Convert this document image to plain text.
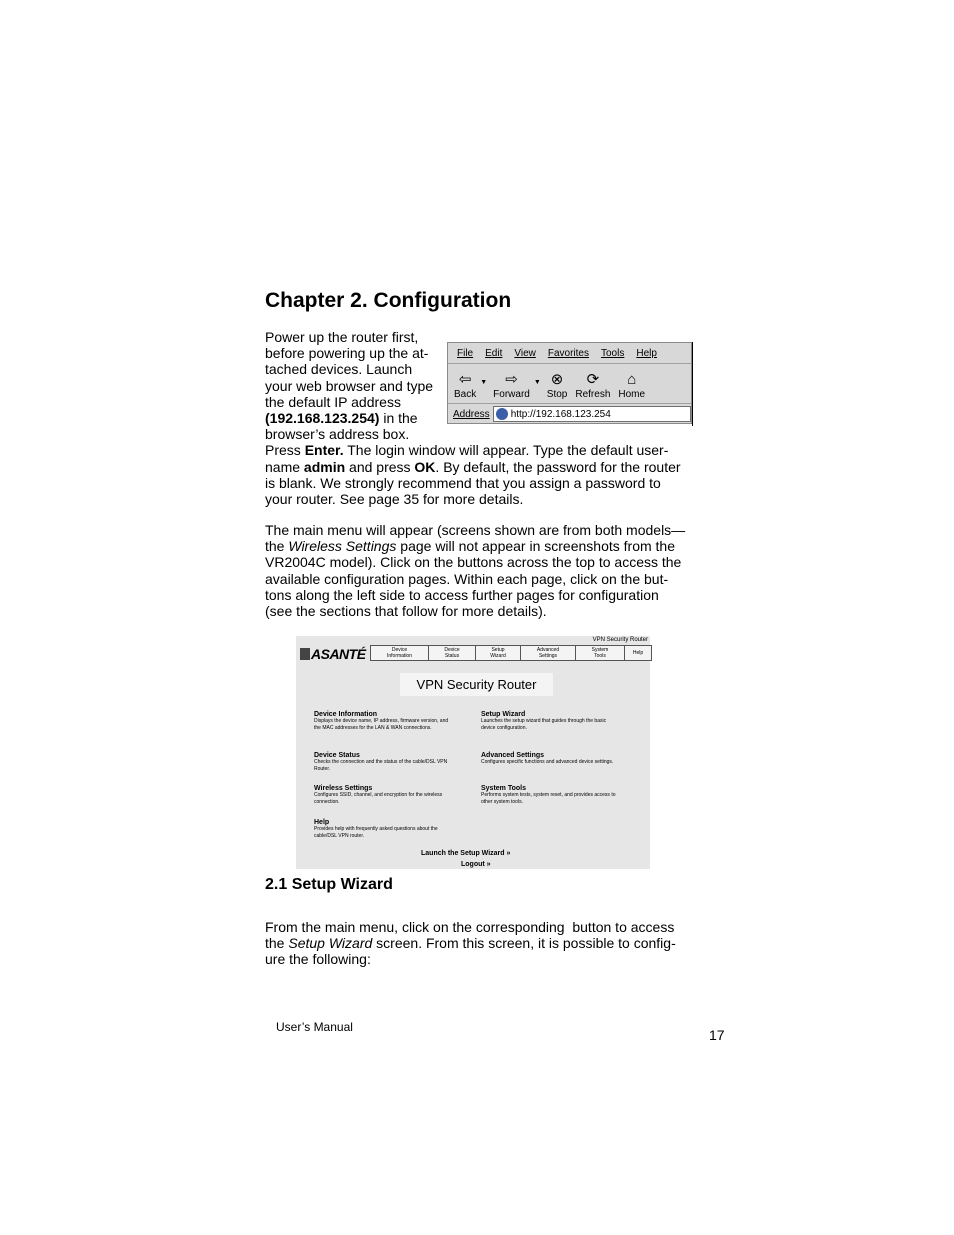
Chapter 2. Configuration
Power up the router first,
before powering up the at-
tached devices. Launch
your web browser and type
the default IP address
(192.168.123.254) in the
browser’s address box.
Press Enter. The login window will appear. Type the default user-
name admin and press OK. By default, the password for the router
is blank. We strongly recommend that you assign a password to
your router. See page 35 for more details.
File Edit View Favorites Tools Help
⇦
Back
▼ ⇨
Forward
▼ ⊗
Stop
⟳
Refresh
⌂
Home
Address http://192.168.123.254
The main menu will appear (screens shown are from both models—
the Wireless Settings page will not appear in screenshots from the
VR2004C model). Click on the buttons across the top to access the
available configuration pages. Within each page, click on the but-
tons along the left side to access further pages for configuration
(see the sections that follow for more details).
VPN Security Router
ASANTÉ	Device
Information
Device
Status
Setup
Wizard
Advanced
Settings
System
Tools	Help
VPN Security Router
Device Information
Displays the device name, IP address, firmware version, and the MAC addresses for the LAN & WAN connections.
Setup Wizard
Launches the setup wizard that guides through the basic device configuration.
Device Status
Checks the connection and the status of the cable/DSL VPN Router.
Advanced Settings
Configures specific functions and advanced device settings.
Wireless Settings
Configures SSID, channel, and encryption for the wireless connection.
System Tools
Performs system tests, system reset, and provides access to other system tools.
Help
Provides help with frequently asked questions about the cable/DSL VPN router.
Launch the Setup Wizard »
Logout »
2.1 Setup Wizard
From the main menu, click on the corresponding  button to access
the Setup Wizard screen. From this screen, it is possible to config-
ure the following:
User’s Manual	17
